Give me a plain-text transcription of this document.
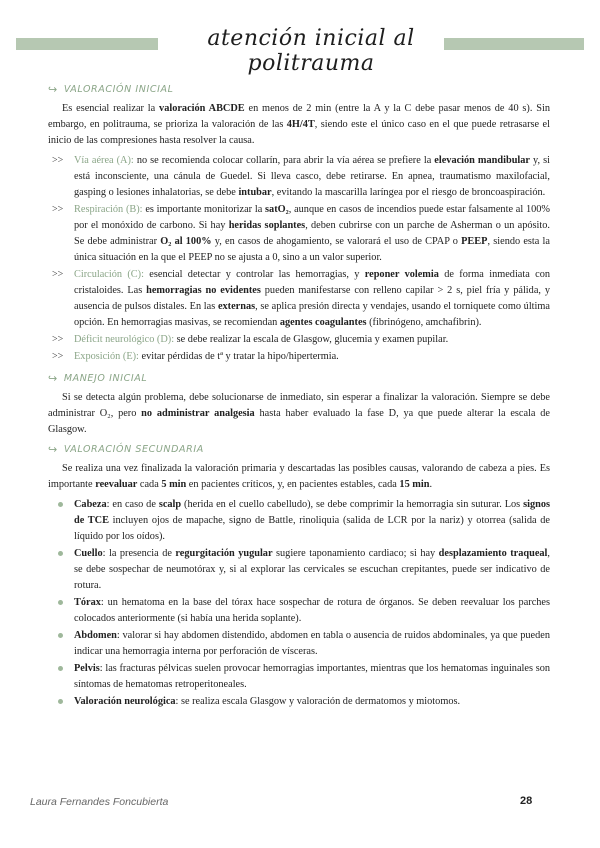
atención inicial al politrauma
↪ VALORACIÓN INICIAL

Es esencial realizar la valoración ABCDE en menos de 2 min (entre la A y la C debe pasar menos de 40 s). Sin embargo, en politrauma, se prioriza la valoración de las 4H/4T, siendo este el único caso en el que puede retrasarse el inicio de las compresiones hasta resolver la causa.

>> Vía aérea (A): no se recomienda colocar collarín, para abrir la vía aérea se prefiere la elevación mandibular y, si está inconsciente, una cánula de Guedel. Si lleva casco, debe retirarse. En apnea, traumatismo maxilofacial, gasping o lesiones inhalatorias, se debe intubar, evitando la mascarilla laríngea por el riesgo de broncoaspiración.
>> Respiración (B): es importante monitorizar la satO₂, aunque en casos de incendios puede estar falsamente al 100% por el monóxido de carbono. Si hay heridas soplantes, deben cubrirse con un parche de Asherman o un apósito. Se debe administrar O₂ al 100% y, en casos de ahogamiento, se valorará el uso de CPAP o PEEP, siendo esta la única situación en la que el PEEP no se ajusta a 0, sino a un valor superior.
>> Circulación (C): esencial detectar y controlar las hemorragias, y reponer volemia de forma inmediata con cristaloides. Las hemorragias no evidentes pueden manifestarse con relleno capilar > 2 s, piel fría y pálida, y ausencia de pulsos distales. En las externas, se aplica presión directa y vendajes, usando el torniquete como última opción. En hemorragias masivas, se recomiendan agentes coagulantes (fibrinógeno, amchafibrin).
>> Déficit neurológico (D): se debe realizar la escala de Glasgow, glucemia y examen pupilar.
>> Exposición (E): evitar pérdidas de tª y tratar la hipo/hipertermia.
↪ MANEJO INICIAL

Si se detecta algún problema, debe solucionarse de inmediato, sin esperar a finalizar la valoración. Siempre se debe administrar O₂, pero no administrar analgesia hasta haber evaluado la fase D, ya que puede alterar la escala de Glasgow.

↪ VALORACIÓN SECUNDARIA

Se realiza una vez finalizada la valoración primaria y descartadas las posibles causas, valorando de cabeza a pies. Es importante reevaluar cada 5 min en pacientes críticos, y, en pacientes estables, cada 15 min.

Cabeza: en caso de scalp (herida en el cuello cabelludo), se debe comprimir la hemorragia sin suturar. Los signos de TCE incluyen ojos de mapache, signo de Battle, rinoliquia (salida de LCR por la nariz) y otorrea (salida de líquido por los oídos).
Cuello: la presencia de regurgitación yugular sugiere taponamiento cardiaco; si hay desplazamiento traqueal, se debe sospechar de neumotórax y, si al explorar las cervicales se escuchan crepitantes, puede ser indicativo de rotura.
Tórax: un hematoma en la base del tórax hace sospechar de rotura de órganos. Se deben reevaluar los parches colocados anteriormente (si había una herida soplante).
Abdomen: valorar si hay abdomen distendido, abdomen en tabla o ausencia de ruidos abdominales, ya que pueden indicar una hemorragia interna por perforación de vísceras.
Pelvis: las fracturas pélvicas suelen provocar hemorragias importantes, mientras que los hematomas inguinales son síntomas de hematomas retroperitoneales.
Valoración neurológica: se realiza escala Glasgow y valoración de dermatomos y miotomos.
Laura Fernandes Foncubierta	28
